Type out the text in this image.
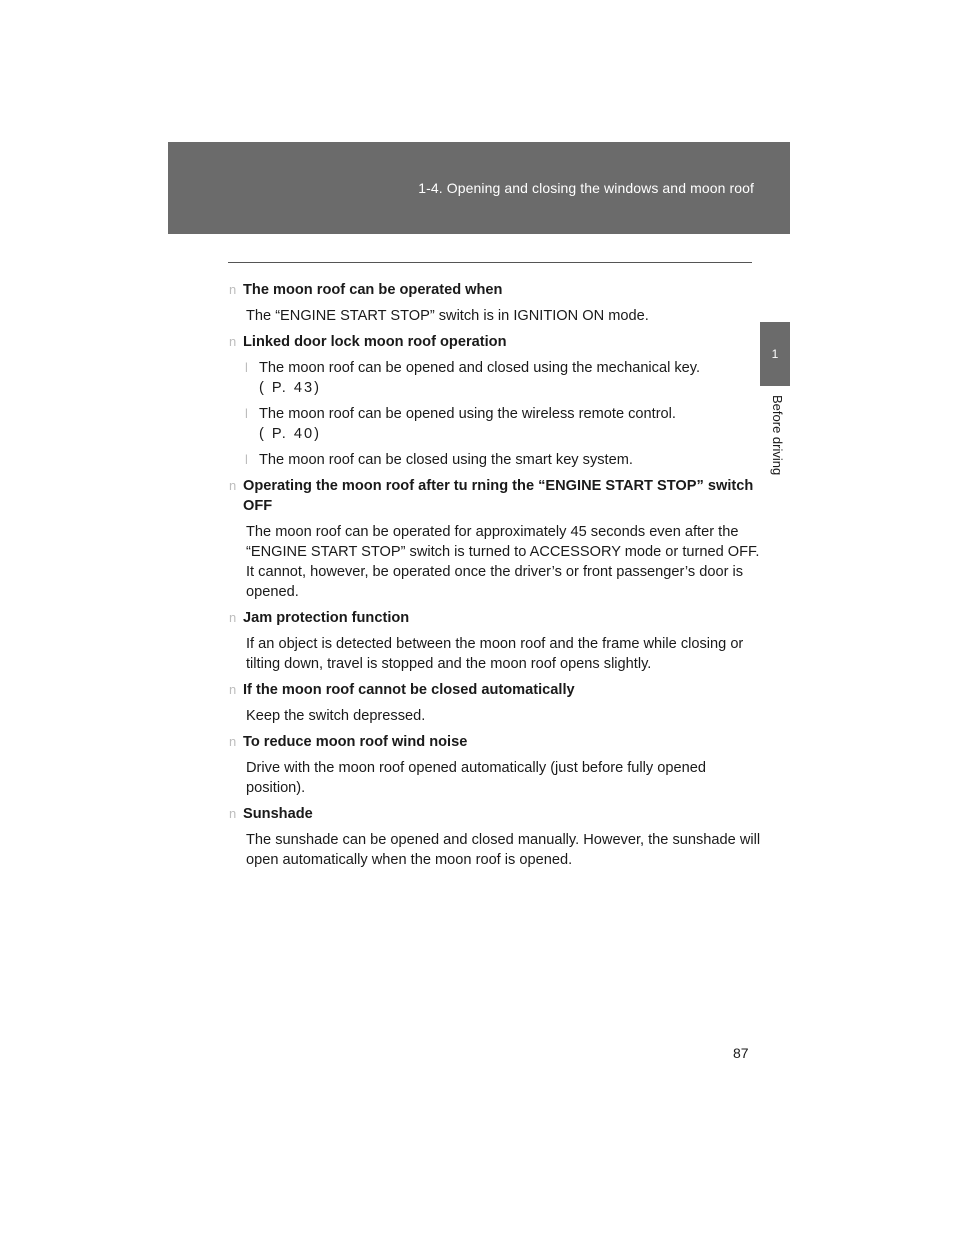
1-4. Opening and closing the windows and moon roof
1
Before driving
n The moon roof can be operated when
The “ENGINE START STOP” switch is in IGNITION ON mode.
n Linked door lock moon roof operation
l The moon roof can be opened and closed using the mechanical key.
( P. 43)
l The moon roof can be opened using the wireless remote control.
( P. 40)
l The moon roof can be closed using the smart key system.
n Operating the moon roof after tu rning the “ENGINE START STOP” switch OFF
The moon roof can be operated for approximately 45 seconds even after the “ENGINE START STOP” switch is turned to ACCESSORY mode or turned OFF. It cannot, however, be operated once the driver’s or front passenger’s door is opened.
n Jam protection function
If an object is detected between the moon roof and the frame while closing or tilting down, travel is stopped and the moon roof opens slightly.
n If the moon roof cannot be closed automatically
Keep the switch depressed.
n To reduce moon roof wind noise
Drive with the moon roof opened automatically (just before fully opened position).
n Sunshade
The sunshade can be opened and closed manually. However, the sunshade will open automatically when the moon roof is opened.
87
